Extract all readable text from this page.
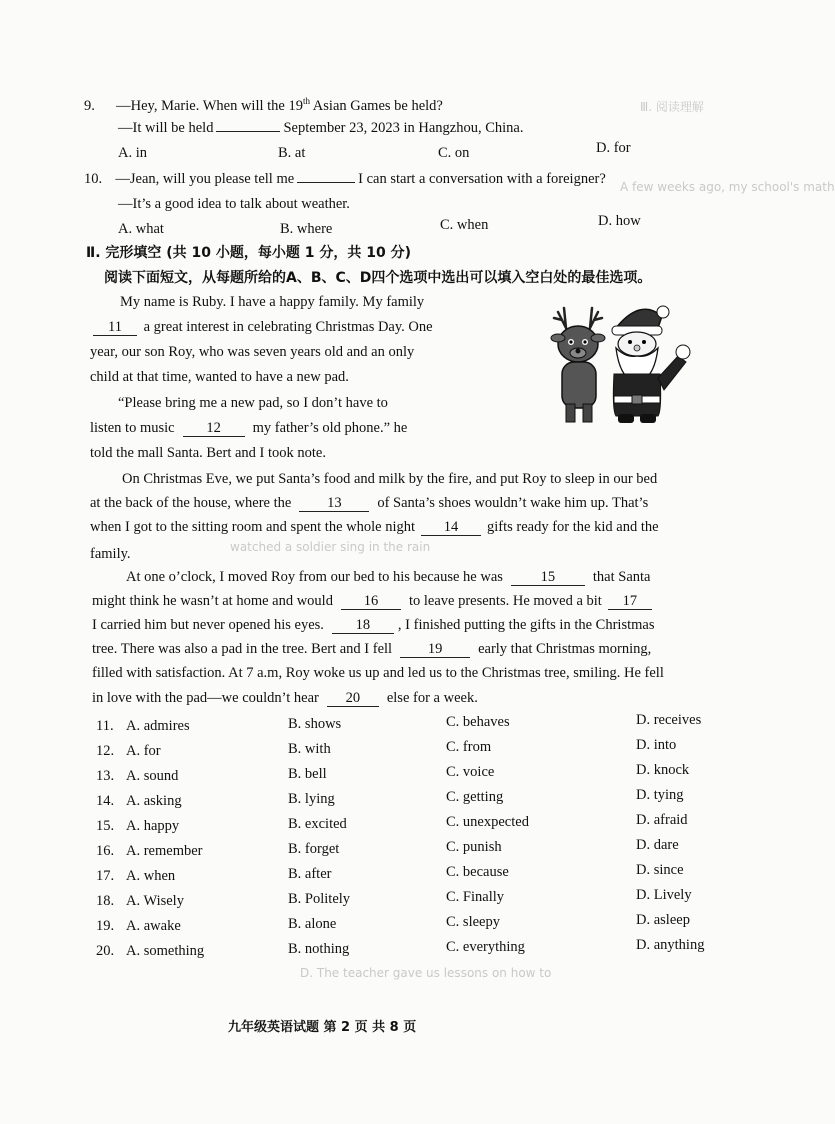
Ⅲ. 阅读理解
A few weeks ago, my school's math
watched a soldier sing in the rain
D. The teacher gave us lessons on how to
9. —Hey, Marie. When will the 19th Asian Games be held?
—It will be held	September 23, 2023 in Hangzhou, China.
A. in	B. at	C. on	D. for
10. —Jean, will you please tell me	I can start a conversation with a foreigner?
—It’s a good idea to talk about weather.
A. what	B. where	C. when	D. how
Ⅱ. 完形填空 (共 10 小题，每小题 1 分，共 10 分)
阅读下面短文，从每题所给的A、B、C、D四个选项中选出可以填入空白处的最佳选项。
My name is Ruby. I have a happy family. My family
11 a great interest in celebrating Christmas Day. One
year, our son Roy, who was seven years old and an only
child at that time, wanted to have a new pad.
“Please bring me a new pad, so I don’t have to
listen to music 12 my father’s old phone.” he
told the mall Santa. Bert and I took note.
On Christmas Eve, we put Santa’s food and milk by the fire, and put Roy to sleep in our bed
at the back of the house, where the 13 of Santa’s shoes wouldn’t wake him up. That’s
when I got to the sitting room and spent the whole night 14 gifts ready for the kid and the
family.
At one o’clock, I moved Roy from our bed to his because he was	15	that Santa
might think he wasn’t at home and would 16 to leave presents. He moved a bit 17
I carried him but never opened his eyes. 18 , I finished putting the gifts in the Christmas
tree. There was also a pad in the tree. Bert and I fell 19 early that Christmas morning,
filled with satisfaction. At 7 a.m, Roy woke us up and led us to the Christmas tree, smiling. He fell
in love with the pad—we couldn’t hear 20 else for a week.
11. A. admires	B. shows	C. behaves	D. receives
12. A. for	B. with	C. from	D. into
13. A. sound	B. bell	C. voice	D. knock
14. A. asking	B. lying	C. getting	D. tying
15. A. happy	B. excited	C. unexpected	D. afraid
16. A. remember	B. forget	C. punish	D. dare
17. A. when	B. after	C. because	D. since
18. A. Wisely	B. Politely	C. Finally	D. Lively
19. A. awake	B. alone	C. sleepy	D. asleep
20. A. something	B. nothing	C. everything	D. anything
九年级英语试题 第 2 页 共 8 页
